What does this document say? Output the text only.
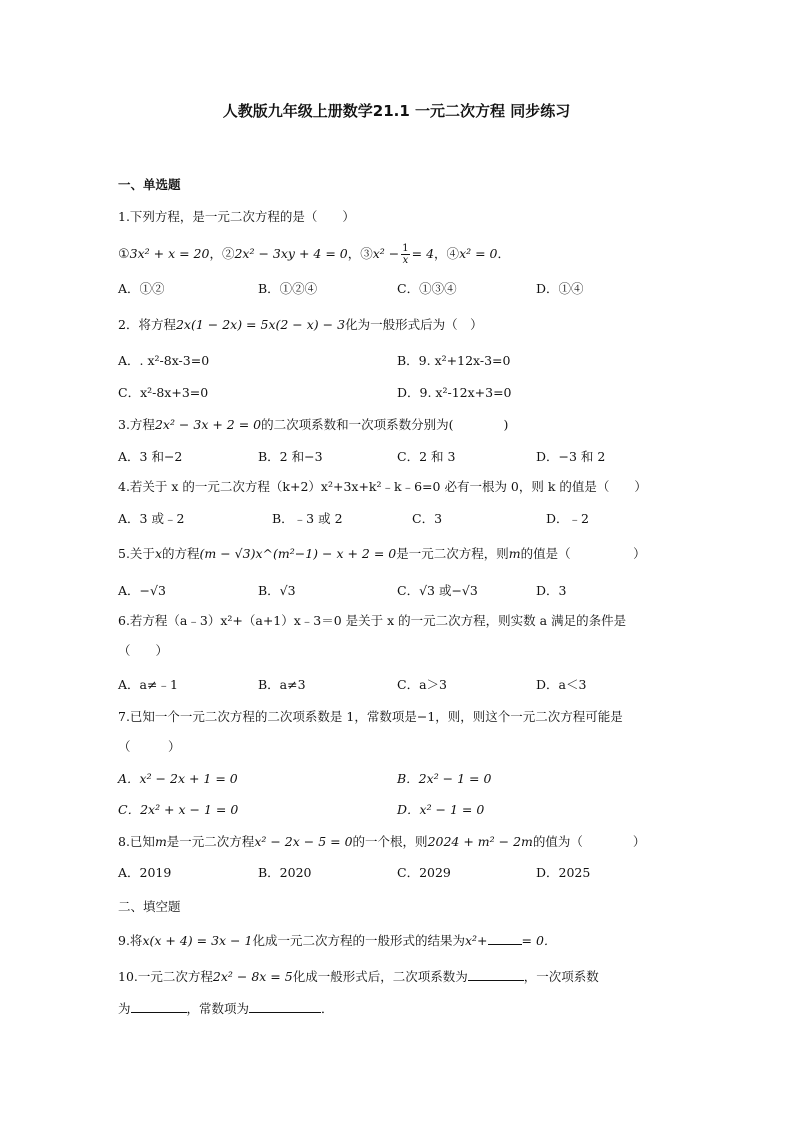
人教版九年级上册数学21.1 一元二次方程 同步练习
一、单选题
1.下列方程，是一元二次方程的是（　　）
①3x² + x = 20，②2x² − 3xy + 4 = 0，③x² − $\frac{1}{x} = 4$，④x² = 0．
A．①②	B．①②④	C．①③④	D．①④
2．将方程2x(1 − 2x) = 5x(2 − x) − 3化为一般形式后为（　）
A．. x²-8x-3=0	B．9. x²+12x-3=0
C．x²-8x+3=0	D．9. x²-12x+3=0
3.方程2x² − 3x + 2 = 0的二次项系数和一次项系数分别为(　　　　)
A．3 和−2	B．2 和−3	C．2 和 3	D．−3 和 2
4.若关于 x 的一元二次方程（k+2）x²+3x+k²﹣k﹣6=0 必有一根为 0，则 k 的值是（　　）
A．3 或﹣2	B．﹣3 或 2	C．3	D．﹣2
5.关于x的方程(m − √3)x^(m²−1) − x + 2 = 0是一元二次方程，则m的值是（　　　　　）
A．−√3	B．√3	C．√3 或−√3	D．3
6.若方程（a﹣3）x²+（a+1）x﹣3＝0 是关于 x 的一元二次方程，则实数 a 满足的条件是
（　　）
A．a≠﹣1	B．a≠3	C．a＞3	D．a＜3
7.已知一个一元二次方程的二次项系数是 1，常数项是−1，则，则这个一元二次方程可能是
（　　　）
A．x² − 2x + 1 = 0	B．2x² − 1 = 0
C．2x² + x − 1 = 0	D．x² − 1 = 0
8.已知m是一元二次方程x² − 2x − 5 = 0的一个根，则2024 + m² − 2m的值为（　　　　）
A．2019	B．2020	C．2029	D．2025
二、填空题
9.将x(x + 4) = 3x − 1化成一元二次方程的一般形式的结果为x²+	= 0．
10.一元二次方程2x² − 8x = 5化成一般形式后，二次项系数为	，一次项系数
为	，常数项为	．
